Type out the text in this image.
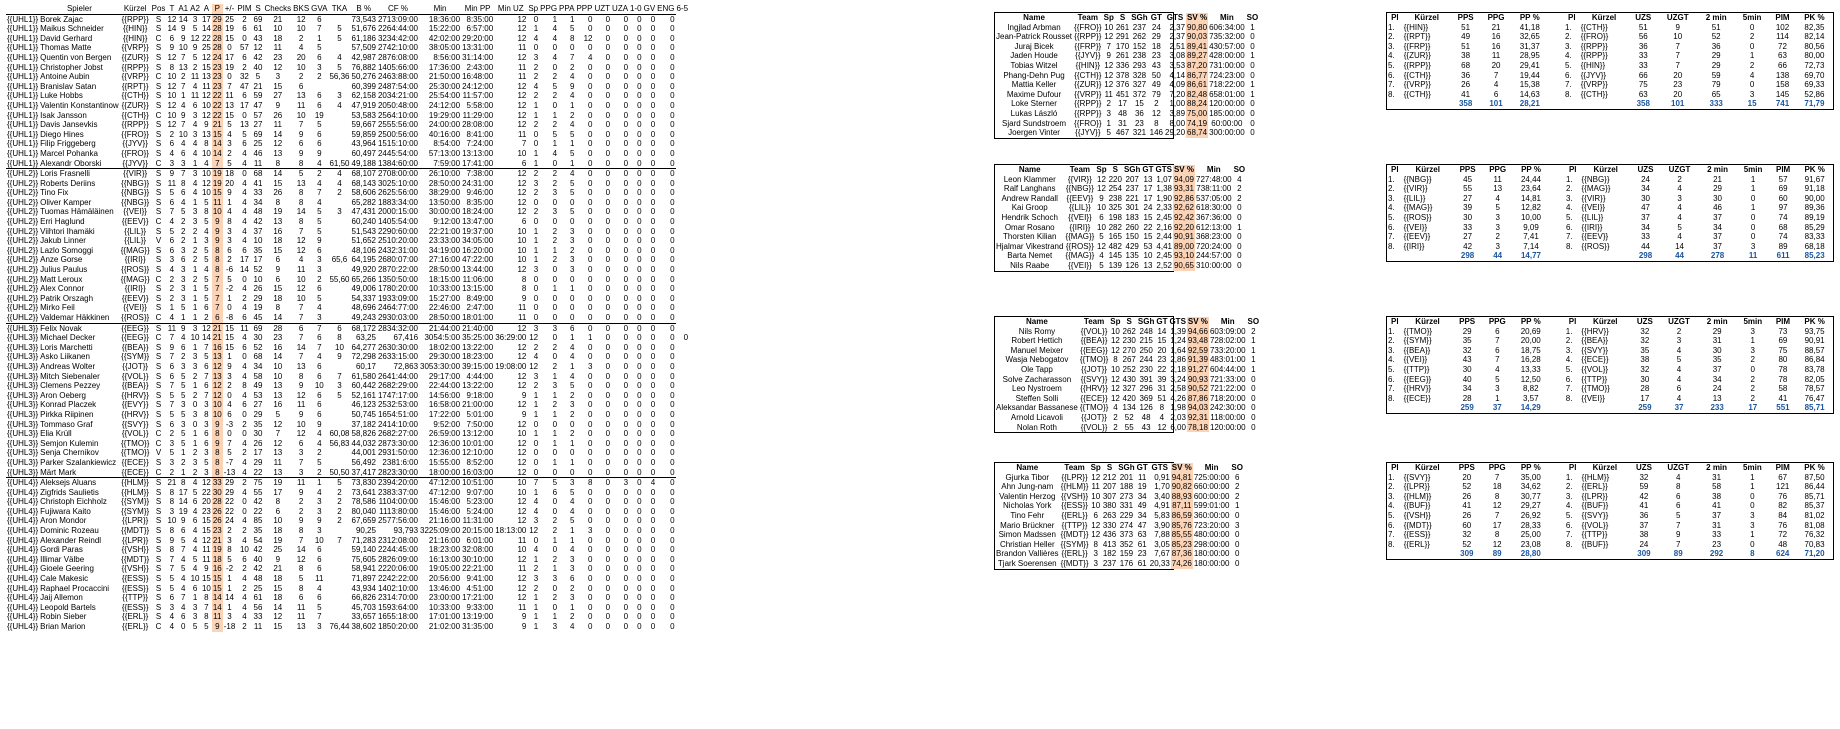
	Spieler	Kürzel	Pos	T	A1	A2	A	P	+/-	PIM	S	Checks	BKS	GVA	TKA	B %	CF %	Min	Min PP	Min UZ	Sp	PPG	PPA	PPP	UZT	UZA	1-0	GV	ENG	6-5
{{UHL1}}	Borek Zajac	{{RPP}}	S	12	14	3	17	29	25	2	69	21	12	6		73,543	2713:09:00	18:36:00	8:35:00	12	0	1	1	0	0	0	0	0	0	
{{UHL1}}	Maikus Schneider	{{HIN}}	S	14	9	5	14	28	19	6	61	10	10	7	5	51,676	2264:44:00	15:22:00	6:57:00	12	1	4	5	0	0	0	0	0	0	
{{UHL1}}	David Gerhard	{{HIN}}	C	6	9	12	22	28	15	0	43	18	2	1	5	61,186	3234:42:00	42:02:00	29:20:00	12	4	4	8	12	0	0	0	0	0	
{{UHL1}}	Thomas Matte	{{VRP}}	S	9	10	9	25	28	0	57	12	11	4	5		57,509	2742:10:00	38:05:00	13:31:00	11	0	0	0	0	0	0	0	0	0	
{{UHL1}}	Quentin von Bergen	{{ZUR}}	S	12	7	5	12	24	17	6	42	23	20	6	4	42,987	2876:08:00	8:56:00	31:14:00	12	3	4	7	4	0	0	0	0	0	
{{UHL1}}	Christopher Jobst	{{RPP}}	S	8	13	2	15	23	19	2	40	12	10	3	5	76,882	1405:66:00	17:36:00	2:43:00	11	2	0	2	0	0	0	0	0	0	
{{UHL1}}	Antoine Aubin	{{VRP}}	C	10	2	11	13	23	0	32	5	3	2	2	56,36	50,276	2463:88:00	21:50:00	16:48:00	11	2	2	4	0	0	0	0	0	0	
{{UHL1}}	Branislav Satan	{{RPT}}	S	12	7	4	11	23	7	47	21	15	6			60,399	2487:54:00	25:30:00	24:12:00	12	4	5	9	0	0	0	0	0	0	
{{UHL1}}	Luke Hobbs	{{CTH}}	S	10	1	11	12	22	11	6	59	27	13	6	3	62,158	2034:21:00	25:54:00	11:57:00	12	2	2	4	0	0	0	0	0	0	
{{UHL1}}	Valentin Konstantinow	{{ZUR}}	S	12	4	6	10	22	13	17	47	9	11	6	4	47,919	2050:48:00	24:12:00	5:58:00	12	1	0	1	0	0	0	0	0	0	
{{UHL1}}	Isak Jansson	{{CTH}}	C	10	9	3	12	22	15	0	57	26	10	19		53,583	2564:10:00	19:29:00	11:29:00	12	1	1	2	0	0	0	0	0	0	
{{UHL1}}	Davis Jansevkis	{{RPP}}	S	12	7	4	9	21	5	13	27	11	7	5		59,667	2555:56:00	24:00:00	28:08:00	12	2	2	4	0	0	0	0	0	0	
{{UHL1}}	Diego Hines	{{FRO}}	S	2	10	3	13	15	4	5	69	14	9	6		59,859	2500:56:00	40:16:00	8:41:00	11	0	5	5	0	0	0	0	0	0	
{{UHL1}}	Filip Friggeberg	{{JYV}}	S	6	4	4	8	14	3	6	25	12	6	6		43,964	1515:10:00	8:54:00	7:24:00	7	0	1	1	0	0	0	0	0	0	
{{UHL1}}	Marcel Pohanka	{{FRO}}	S	4	6	4	10	14	2	4	46	13	9	9		60,497	2445:54:00	57:13:00	13:13:00	10	1	4	5	0	0	0	0	0	0	
{{UHL1}}	Alexandr Oborski	{{JYV}}	C	3	3	1	4	7	5	4	11	8	8	4	61,50	49,188	1384:60:00	7:59:00	17:41:00	6	1	0	1	0	0	0	0	0	0	
{{UHL2}}	Loris Frasnelli	{{VIR}}	S	9	7	3	10	19	18	0	68	14	5	2	4	68,107	2708:00:00	26:10:00	7:38:00	12	2	2	4	0	0	0	0	0	0	
{{UHL2}}	Roberts Deriins	{{NBG}}	S	11	8	4	12	19	20	4	41	15	13	4	4	68,143	3025:10:00	28:50:00	24:31:00	12	3	2	5	0	0	0	0	0	0	
{{UHL2}}	Tino Fix	{{NBG}}	S	5	6	4	10	15	9	4	33	26	8	7	2	58,606	2625:56:00	38:29:00	9:46:00	12	2	3	5	0	0	0	0	0	0	
{{UHL2}}	Oliver Kamper	{{NBG}}	S	6	4	1	5	11	1	4	34	8	8	4		65,282	1883:34:00	13:50:00	8:35:00	12	0	0	0	0	0	0	0	0	0	
{{UHL2}}	Tuomas Hämäläinen	{{VEI}}	S	7	5	3	8	10	4	4	48	19	14	5	3	47,431	2000:15:00	30:00:00	18:24:00	12	2	3	5	0	0	0	0	0	0	
{{UHL2}}	Erri Haglund	{{EEV}}	C	4	2	3	5	9	8	4	42	13	8	5		60,240	1405:54:00	9:12:00	13:47:00	6	0	0	0	0	0	0	0	0	0	
{{UHL2}}	Viihtori Ihamäki	{{LIL}}	S	5	2	2	4	9	3	4	37	16	7	5		51,543	2290:60:00	22:21:00	19:37:00	10	1	2	3	0	0	0	0	0	0	
{{UHL2}}	Jakub Linner	{{LIL}}	V	6	2	1	3	9	3	4	10	18	12	9		51,652	2510:20:00	23:33:00	34:05:00	10	1	2	3	0	0	0	0	0	0	
{{UHL2}}	Lazlo Somoggi	{{MAG}}	S	6	3	2	5	8	6	6	35	15	12	6		48,106	2432:31:00	34:19:00	16:20:00	10	1	1	2	0	0	0	0	0	0	
{{UHL2}}	Anze Gorse	{{IRI}}	S	3	6	2	5	8	2	17	17	6	4	3	65,6	64,195	2680:07:00	27:16:00	47:22:00	10	1	2	3	0	0	0	0	0	0	
{{UHL2}}	Julius Paulus	{{ROS}}	S	4	3	1	4	8	-6	14	52	9	11	3		49,920	2870:22:00	28:50:00	13:44:00	12	3	0	3	0	0	0	0	0	0	
{{UHL2}}	Matt Leroux	{{MAG}}	C	2	3	2	5	7	5	0	10	6	10	2	55,60	65,266	1350:50:00	18:15:00	11:06:00	8	0	0	0	0	0	0	0	0	0	
{{UHL2}}	Alex Connor	{{IRI}}	S	2	3	1	5	7	-2	4	26	15	12	6		49,006	1780:20:00	10:33:00	13:15:00	8	0	1	1	0	0	0	0	0	0	
{{UHL2}}	Patrik Orszagh	{{EEV}}	S	2	3	1	5	7	1	2	29	18	10	5		54,337	1933:09:00	15:27:00	8:49:00	9	0	0	0	0	0	0	0	0	0	
{{UHL2}}	Mirko Feil	{{VEI}}	S	1	5	1	6	7	0	4	19	8	7	4		48,696	2464:77:00	22:46:00	2:47:00	11	0	0	0	0	0	0	0	0	0	
{{UHL2}}	Valdemar Häkkinen	{{ROS}}	C	4	1	1	2	6	-8	6	45	14	7	3		49,243	2930:03:00	28:50:00	18:01:00	11	0	0	0	0	0	0	0	0	0	
{{UHL3}}	Felix Novak	{{EEG}}	S	11	9	3	12	21	15	11	69	28	6	7	6	68,172	2834:32:00	21:44:00	21:40:00	12	3	3	6	0	0	0	0	0	0	
{{UHL3}}	Michael Decker	{{EEG}}	C	7	4	10	14	21	15	4	30	23	7	6	8	63,25	67,416	3054:5:00	35:25:00	36:29:00	12	0	1	1	0	0	0	0	0	0
{{UHL3}}	Loris Marchetti	{{BEA}}	S	9	6	1	7	16	15	6	52	16	14	7	10	64,277	2630:30:00	18:02:00	13:22:00	12	2	2	4	0	0	0	0	0	0	
{{UHL3}}	Asko Liikanen	{{SYM}}	S	7	2	3	5	13	1	0	68	14	7	4	9	72,298	2633:15:00	29:30:00	18:23:00	12	4	0	4	0	0	0	0	0	0	
{{UHL3}}	Andreas Wolter	{{JOT}}	S	6	3	3	6	12	9	4	34	10	13	6		60,17	72,863	3053:30:00	39:15:00	19:08:00	12	2	1	3	0	0	0	0	0	
{{UHL3}}	Mitch Siebenaler	{{VOL}}	S	6	5	2	7	13	3	4	58	10	8	6	7	61,580	2641:44:00	29:17:00	4:44:00	12	3	1	4	0	0	0	0	0	0	
{{UHL3}}	Clemens Pezzey	{{BEA}}	S	7	5	1	6	12	2	8	49	13	9	10	3	60,442	2682:29:00	22:44:00	13:22:00	12	2	3	5	0	0	0	0	0	0	
{{UHL3}}	Aron Oeberg	{{HRV}}	S	5	5	2	7	12	0	4	53	13	12	6	5	52,161	1747:17:00	14:56:00	9:18:00	9	1	1	2	0	0	0	0	0	0	
{{UHL3}}	Konrad Placzek	{{EVY}}	S	7	3	0	3	10	4	6	27	16	11	6		46,123	2532:53:00	16:58:00	21:00:00	12	1	2	3	0	0	0	0	0	0	
{{UHL3}}	Pirkka Riipinen	{{HRV}}	S	5	5	3	8	10	6	0	29	5	9	6		50,745	1654:51:00	17:22:00	5:01:00	9	1	1	2	0	0	0	0	0	0	
{{UHL3}}	Tommaso Graf	{{SVY}}	S	6	3	0	3	9	-3	2	35	12	10	9		37,182	2414:10:00	9:52:00	7:50:00	12	0	0	0	0	0	0	0	0	0	
{{UHL3}}	Elia Krüll	{{VOL}}	C	2	5	1	6	8	0	0	30	7	12	4	60,08	58,826	2682:27:00	26:59:00	13:12:00	10	1	1	2	0	0	0	0	0	0	
{{UHL3}}	Semjon Kulemin	{{TMO}}	C	3	5	1	6	9	7	4	26	12	6	4	56,83	44,032	2873:30:00	12:36:00	10:01:00	12	0	1	1	0	0	0	0	0	0	
{{UHL3}}	Senja Chernikov	{{TMO}}	V	5	1	2	3	8	5	2	17	13	3	2		44,001	2931:50:00	12:36:00	12:10:00	12	0	0	0	0	0	0	0	0	0	
{{UHL3}}	Parker Szalankiewicz	{{ECE}}	S	3	2	3	5	8	-7	4	29	11	7	5		56,492	2381:6:00	15:55:00	8:52:00	12	0	1	1	0	0	0	0	0	0	
{{UHL3}}	Märt Mark	{{ECE}}	C	2	1	2	3	8	-13	4	22	13	3	2	50,50	37,417	2823:30:00	18:00:00	16:03:00	12	0	0	0	0	0	0	0	0	0	
{{UHL4}}	Aleksejs Aluans	{{HLM}}	S	21	8	4	12	33	29	2	75	19	11	1	5	73,830	2394:20:00	47:12:00	10:51:00	10	7	5	3	8	0	3	0	4	0	
{{UHL4}}	Zigfrids Saulietis	{{HLM}}	S	8	17	5	22	30	29	4	55	17	9	4	2	73,641	2383:37:00	47:12:00	9:07:00	10	1	6	5	0	0	0	0	0	0	
{{UHL4}}	Christoph Eichholz	{{SYM}}	S	8	14	6	20	28	22	0	42	8	2	3	2	78,586	1104:00:00	15:46:00	5:23:00	12	4	0	4	0	0	0	0	0	0	
{{UHL4}}	Fujiwara Kaito	{{SYM}}	S	3	19	4	23	26	22	0	22	6	2	3	2	80,040	1113:80:00	15:46:00	5:24:00	12	4	0	4	0	0	0	0	0	0	
{{UHL4}}	Aron Mondor	{{LPR}}	S	10	9	6	15	26	24	4	85	10	9	9	2	67,659	2577:56:00	21:16:00	11:31:00	12	3	2	5	0	0	0	0	0	0	
{{UHL4}}	Dominic Rozeau	{{MDT}}	S	8	6	4	15	23	2	2	35	18	8	3		90,25	93,793	3225:09:00	20:15:00	18:13:00	12	2	1	3	0	0	0	0	0	
{{UHL4}}	Alexander Reindl	{{LPR}}	S	9	5	4	12	21	3	4	54	19	7	10	7	71,283	2312:08:00	21:16:00	6:01:00	11	0	1	1	0	0	0	0	0	0	
{{UHL4}}	Gordi Paras	{{VSH}}	S	8	7	4	11	19	8	10	42	25	14	6		59,140	2244:45:00	18:23:00	32:08:00	10	4	0	4	0	0	0	0	0	0	
{{UHL4}}	Illimar Välbe	{{MDT}}	S	7	4	5	11	18	5	6	40	9	12	6		75,605	2826:09:00	16:13:00	30:10:00	12	1	2	3	0	0	0	0	0	0	
{{UHL4}}	Gioele Geering	{{VSH}}	S	7	5	4	9	16	-2	2	42	21	8	6		58,941	2220:06:00	19:05:00	22:21:00	11	2	1	3	0	0	0	0	0	0	
{{UHL4}}	Cale Makesic	{{ESS}}	S	5	4	10	15	15	1	4	48	18	5	11		71,897	2242:22:00	20:56:00	9:41:00	12	3	3	6	0	0	0	0	0	0	
{{UHL4}}	Raphael Procaccini	{{ESS}}	S	5	4	6	10	15	1	2	25	15	8	4		43,934	1402:10:00	13:46:00	4:51:00	12	2	0	2	0	0	0	0	0	0	
{{UHL4}}	Jaij Allemon	{{TTP}}	S	6	7	1	8	14	14	4	61	18	6	6		66,826	2314:70:00	23:00:00	17:21:00	12	1	2	3	0	0	0	0	0	0	
{{UHL4}}	Leopold Bartels	{{ESS}}	S	3	4	3	7	14	1	4	56	14	11	5		45,703	1593:64:00	10:33:00	9:33:00	11	1	0	1	0	0	0	0	0	0	
{{UHL4}}	Robin Sieber	{{ERL}}	S	4	6	3	8	11	3	4	33	12	11	7		33,657	1655:18:00	17:01:00	13:19:00	9	1	1	2	0	0	0	0	0	0	
{{UHL4}}	Brian Marion	{{ERL}}	C	4	0	5	5	9	-18	2	11	15	13	3	76,44	38,602	1850:20:00	21:02:00	31:35:00	9	1	3	4	0	0	0	0	0	0	
Name	Team	Sp	S	SGh	GT	GTS	SV %	Min	SO
Ingjlad Arbman	{{FRO}}	10	261	237	24	2,37	90,80	606:34:00	1
Jean-Patrick Rousset	{{RPP}}	12	291	262	29	2,37	90,03	735:32:00	0
Juraj Bicek	{{FRP}}	7	170	152	18	2,51	89,41	430:57:00	0
Jaden Houde	{{JYV}}	9	261	238	23	3,08	89,27	428:00:00	1
Tobias Witzel	{{HIN}}	12	336	293	43	3,53	87,20	731:00:00	0
Phang-Dehn Pug	{{CTH}}	12	378	328	50	4,14	86,77	724:23:00	0
Mattia Keller	{{ZUR}}	12	376	327	49	4,09	86,61	718:22:00	1
Maxime Dufour	{{VRP}}	11	451	372	79	7,20	82,48	658:01:00	1
Loke Sterner	{{RPP}}	2	17	15	2	1,00	88,24	120:00:00	0
Lukas László	{{RPP}}	3	48	36	12	3,89	75,00	185:00:00	0
Sjard Sundstroem	{{FRO}}	1	31	23	8	8,00	74,19	60:00:00	0
Joergen Vinter	{{JYV}}	5	467	321	146	29,20	68,74	300:00:00	0
Name	Team	Sp	S	SGh	GT	GTS	SV %	Min	SO
Leon Klammer	{{VIR}}	12	220	207	13	1,07	94,09	727:48:00	4
Ralf Langhans	{{NBG}}	12	254	237	17	1,38	93,31	738:11:00	2
Andrew Randall	{{EEV}}	9	238	221	17	1,90	92,86	537:05:00	2
Kai Groop	{{LIL}}	10	325	301	24	2,33	92,62	618:30:00	0
Hendrik Schoch	{{VEI}}	6	198	183	15	2,45	92,42	367:36:00	0
Omar Rosano	{{IRI}}	10	282	260	22	2,16	92,20	612:13:00	1
Thorsten Kilian	{{MAG}}	5	165	150	15	2,44	90,91	368:23:00	0
Hjalmar Vikestrand	{{ROS}}	12	482	429	53	4,41	89,00	720:24:00	0
Barta Nemet	{{MAG}}	4	145	135	10	2,45	93,10	244:57:00	0
Nils Raabe	{{VEI}}	5	139	126	13	2,52	90,65	310:00:00	0
Name	Team	Sp	S	SGh	GT	GTS	SV %	Min	SO
Nils Romy	{{VOL}}	10	262	248	14	1,39	94,66	603:09:00	2
Robert Hettich	{{BEA}}	12	230	215	15	1,24	93,48	728:02:00	1
Manuel Meixer	{{EEG}}	12	270	250	20	1,64	92,59	733:20:00	1
Wasja Nebogatov	{{TMO}}	8	267	244	23	2,86	91,39	483:01:00	1
Ole Tapp	{{JOT}}	10	252	230	22	2,18	91,27	604:44:00	1
Solve Zacharasson	{{SVY}}	12	430	391	39	3,24	90,93	721:33:00	0
Leo Nystroem	{{HRV}}	12	327	296	31	2,58	90,52	721:22:00	0
Steffen Solli	{{ECE}}	12	420	369	51	4,26	87,86	718:20:00	0
Aleksandar Bassanese	{{TMO}}	4	134	126	8	1,98	94,03	242:30:00	0
Arnold Licavoli	{{JOT}}	2	52	48	4	2,03	92,31	118:00:00	0
Nolan Roth	{{VOL}}	2	55	43	12	6,00	78,18	120:00:00	0
Name	Team	Sp	S	SGh	GT	GTS	SV %	Min	SO
Gjurka Tibor	{{LPR}}	12	212	201	11	0,91	94,81	725:00:00	6
Ahn Jung-nam	{{HLM}}	11	207	188	19	1,70	90,82	660:00:00	2
Valentin Herzog	{{VSH}}	10	307	273	34	3,40	88,93	600:00:00	2
Nicholas York	{{ESS}}	10	380	331	49	4,91	87,11	599:01:00	1
Tino Fehr	{{ERL}}	6	263	229	34	5,83	86,59	360:00:00	0
Mario Brückner	{{TTP}}	12	330	274	47	3,90	85,76	723:20:00	3
Simon Madssen	{{MDT}}	12	436	373	63	7,88	85,55	480:00:00	0
Christian Heller	{{SYM}}	8	413	352	61	3,05	85,23	298:00:00	0
Brandon Vallières	{{ERL}}	3	182	159	23	7,67	87,36	180:00:00	0
Tjark Soerensen	{{MDT}}	3	237	176	61	20,33	74,26	180:00:00	0
Pl	Kürzel	PPS	PPG	PP %		Pl	Kürzel	UZS	UZGT	2 min	5min	PIM	PK %
1.	{{HIN}}	51	21	41,18		1.	{{CTH}}	51	9	51	0	102	82,35
2.	{{RPT}}	49	16	32,65		2.	{{FRO}}	56	10	52	2	114	82,14
3.	{{FRP}}	51	16	31,37		3.	{{RPP}}	36	7	36	0	72	80,56
4.	{{ZUR}}	38	11	28,95		4.	{{RPP}}	33	7	29	1	63	80,00
5.	{{RPP}}	68	20	29,41		5.	{{HIN}}	33	7	29	2	66	72,73
6.	{{CTH}}	36	7	19,44		6.	{{JYV}}	66	20	59	4	138	69,70
7.	{{VRP}}	26	4	15,38		7.	{{VRP}}	75	23	79	0	158	69,33
8.	{{CTH}}	41	6	14,63		8.	{{CTH}}	63	20	65	3	145	52,86
		358	101	28,21				358	101	333	15	741	71,79
Pl	Kürzel	PPS	PPG	PP %		Pl	Kürzel	UZS	UZGT	2 min	5min	PIM	PK %
1.	{{NBG}}	45	11	24,44		1.	{{NBG}}	24	2	21	1	57	91,67
2.	{{VIR}}	55	13	23,64		2.	{{MAG}}	34	4	29	1	69	91,18
3.	{{LIL}}	27	4	14,81		3.	{{VIR}}	30	3	30	0	60	90,00
4.	{{MAG}}	39	5	12,82		4.	{{VEI}}	47	4	46	1	97	89,36
5.	{{ROS}}	30	3	10,00		5.	{{LIL}}	37	4	37	0	74	89,19
6.	{{VEI}}	33	3	9,09		6.	{{IRI}}	34	5	34	0	68	85,29
7.	{{EEV}}	27	2	7,41		7.	{{EEV}}	33	4	37	0	74	83,33
8.	{{IRI}}	42	3	7,14		8.	{{ROS}}	44	14	37	3	89	68,18
		298	44	14,77				298	44	278	11	611	85,23
Pl	Kürzel	PPS	PPG	PP %		Pl	Kürzel	UZS	UZGT	2 min	5min	PIM	PK %
1.	{{TMO}}	29	6	20,69		1.	{{HRV}}	32	2	29	3	73	93,75
2.	{{SYM}}	35	7	20,00		2.	{{BEA}}	32	3	31	1	69	90,91
3.	{{BEA}}	32	6	18,75		3.	{{SVY}}	35	4	30	3	75	88,57
4.	{{VEI}}	43	7	16,28		4.	{{ECE}}	38	5	35	2	80	86,84
5.	{{TTP}}	30	4	13,33		5.	{{VOL}}	32	4	37	0	78	83,78
6.	{{EEG}}	40	5	12,50		6.	{{TTP}}	30	4	34	2	78	82,05
7.	{{HRV}}	34	3	8,82		7.	{{TMO}}	28	6	24	2	58	78,57
8.	{{ECE}}	28	1	3,57		8.	{{VEI}}	17	4	13	2	41	76,47
		259	37	14,29				259	37	233	17	551	85,71
Pl	Kürzel	PPS	PPG	PP %		Pl	Kürzel	UZS	UZGT	2 min	5min	PIM	PK %
1.	{{SVY}}	20	7	35,00		1.	{{HLM}}	32	4	31	1	67	87,50
2.	{{LPR}}	52	18	34,62		2.	{{ERL}}	59	8	58	1	121	86,44
3.	{{HLM}}	26	8	30,77		3.	{{LPR}}	42	6	38	0	76	85,71
4.	{{BUF}}	41	12	29,27		4.	{{BUF}}	41	6	41	0	82	85,37
5.	{{VSH}}	26	7	26,92		5.	{{SVY}}	36	5	37	3	84	81,02
6.	{{MDT}}	60	17	28,33		6.	{{VOL}}	37	7	31	3	76	81,08
7.	{{ESS}}	32	8	25,00		7.	{{TTP}}	38	9	33	1	72	76,32
8.	{{ERL}}	52	12	23,08		8.	{{BUF}}	24	7	23	0	48	70,83
		309	89	28,80				309	89	292	8	624	71,20
